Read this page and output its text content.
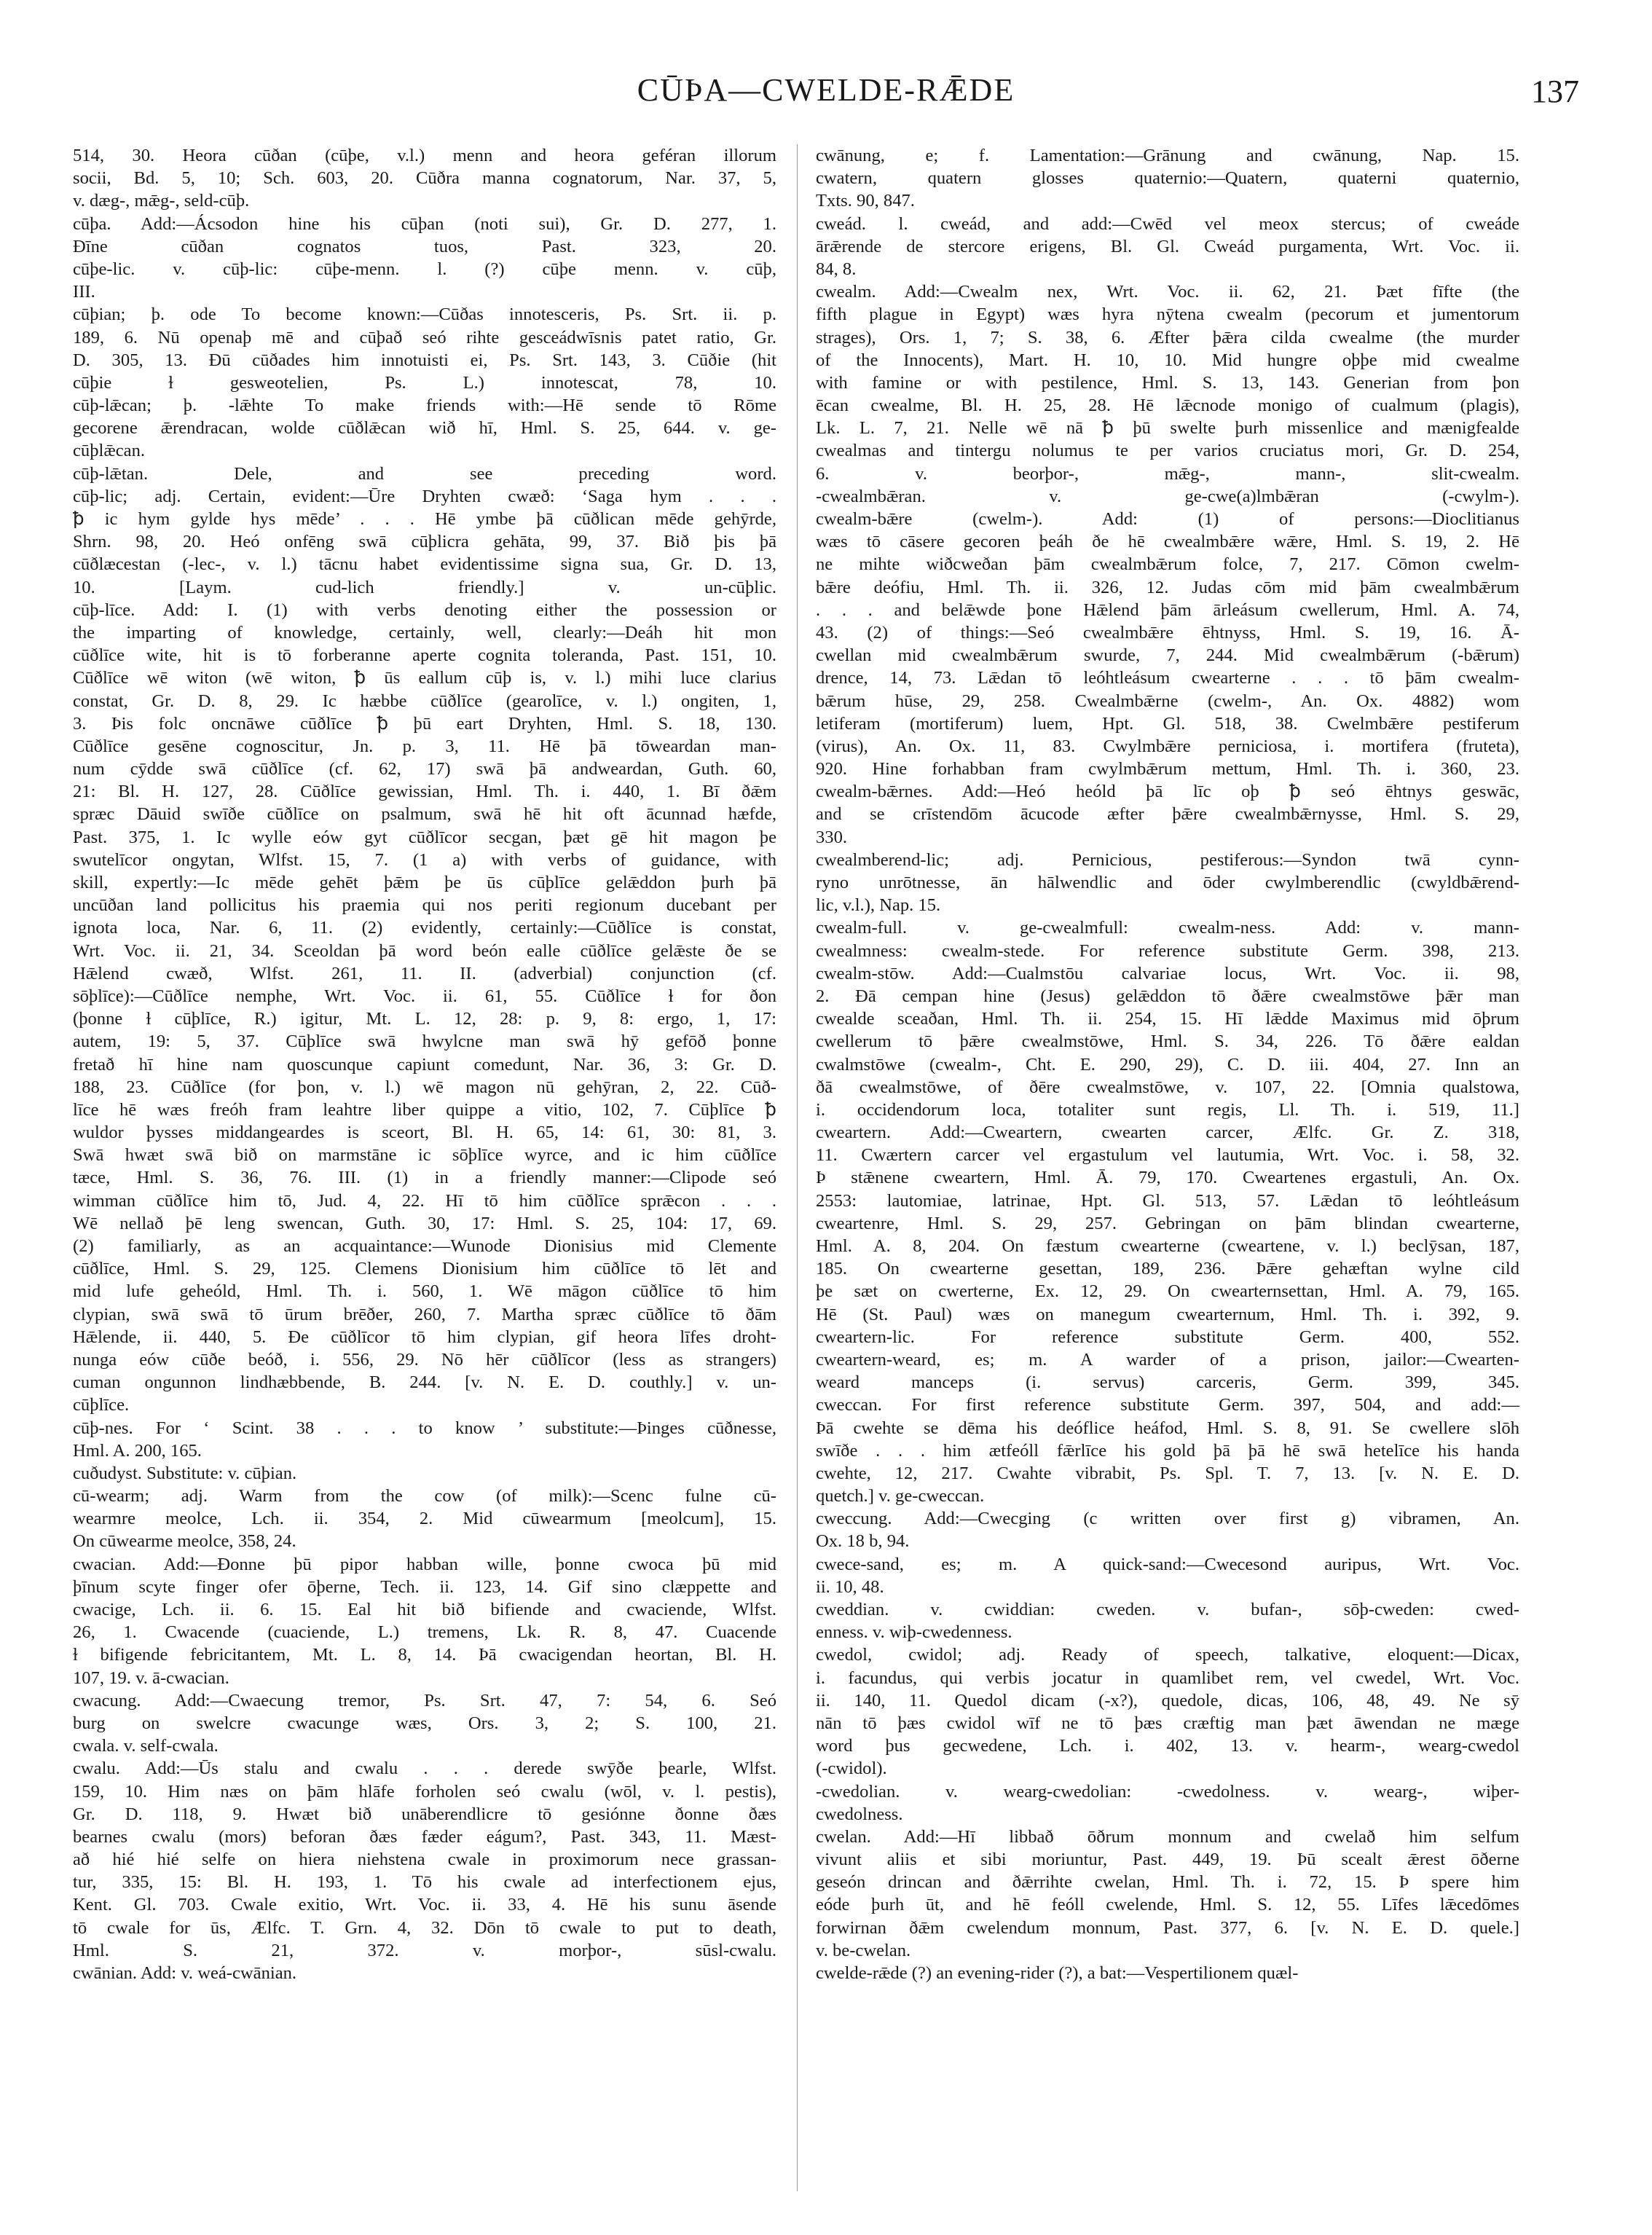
CŪÞA—CWELDE-RǢDE	137
514, 30. Heora cūðan (cūþe, v.l.) menn and heora geféran illorum
socii, Bd. 5, 10; Sch. 603, 20. Cūðra manna cognatorum, Nar. 37, 5,
v. dæg-, mǣg-, seld-cūþ.
cūþa. Add:—Ácsodon hine his cūþan (noti sui), Gr. D. 277, 1.
Ðīne cūðan cognatos tuos, Past. 323, 20.
cūþe-lic. v. cūþ-lic: cūþe-menn. l. (?) cūþe menn. v. cūþ,
III.
cūþian; þ. ode To become known:—Cūðas innotesceris, Ps. Srt. ii. p.
189, 6. Nū openaþ mē and cūþað seó rihte gesceádwīsnis patet ratio, Gr.
D. 305, 13. Ðū cūðades him innotuisti ei, Ps. Srt. 143, 3. Cūðie (hit
cūþie ɫ gesweotelien, Ps. L.) innotescat, 78, 10.
cūþ-lǣcan; þ. -lǣhte To make friends with:—Hē sende tō Rōme
gecorene ǣrendracan, wolde cūðlǣcan wið hī, Hml. S. 25, 644. v. ge-
cūþlǣcan.
cūþ-lǣtan. Dele, and see preceding word.
cūþ-lic; adj. Certain, evident:—Ūre Dryhten cwæð: ‘Saga hym . . .
ꝥ ic hym gylde hys mēde’ . . . Hē ymbe þā cūðlican mēde gehȳrde,
Shrn. 98, 20. Heó onfēng swā cūþlicra gehāta, 99, 37. Bið þis þā
cūðlæcestan (-lec-, v. l.) tācnu habet evidentissime signa sua, Gr. D. 13,
10. [Laym. cud-lich friendly.] v. un-cūþlic.
cūþ-līce. Add: I. (1) with verbs denoting either the possession or
the imparting of knowledge, certainly, well, clearly:—Deáh hit mon
cūðlīce wite, hit is tō forberanne aperte cognita toleranda, Past. 151, 10.
Cūðlīce wē witon (wē witon, ꝥ ūs eallum cūþ is, v. l.) mihi luce clarius
constat, Gr. D. 8, 29. Ic hæbbe cūðlīce (gearolīce, v. l.) ongiten, 1,
3. Þis folc oncnāwe cūðlīce ꝥ þū eart Dryhten, Hml. S. 18, 130.
Cūðlīce gesēne cognoscitur, Jn. p. 3, 11. Hē þā tōweardan man-
num cȳdde swā cūðlīce (cf. 62, 17) swā þā andweardan, Guth. 60,
21: Bl. H. 127, 28. Cūðlīce gewissian, Hml. Th. i. 440, 1. Bī ðǣm
spræc Dāuid swīðe cūðlīce on psalmum, swā hē hit oft ācunnad hæfde,
Past. 375, 1. Ic wylle eów gyt cūðlīcor secgan, þæt gē hit magon þe
swutelīcor ongytan, Wlfst. 15, 7. (1 a) with verbs of guidance, with
skill, expertly:—Ic mēde gehēt þǣm þe ūs cūþlīce gelǣddon þurh þā
uncūðan land pollicitus his praemia qui nos periti regionum ducebant per
ignota loca, Nar. 6, 11. (2) evidently, certainly:—Cūðlīce is constat,
Wrt. Voc. ii. 21, 34. Sceoldan þā word beón ealle cūðlīce gelǣste ðe se
Hǣlend cwæð, Wlfst. 261, 11. II. (adverbial) conjunction (cf.
sōþlīce):—Cūðlīce nemphe, Wrt. Voc. ii. 61, 55. Cūðlīce ɫ for ðon
(þonne ɫ cūþlīce, R.) igitur, Mt. L. 12, 28: p. 9, 8: ergo, 1, 17:
autem, 19: 5, 37. Cūþlīce swā hwylcne man swā hȳ gefōð þonne
fretað hī hine nam quoscunque capiunt comedunt, Nar. 36, 3: Gr. D.
188, 23. Cūðlīce (for þon, v. l.) wē magon nū gehȳran, 2, 22. Cūð-
līce hē wæs freóh fram leahtre liber quippe a vitio, 102, 7. Cūþlīce ꝥ
wuldor þysses middangeardes is sceort, Bl. H. 65, 14: 61, 30: 81, 3.
Swā hwæt swā bið on marmstāne ic sōþlīce wyrce, and ic him cūðlīce
tæce, Hml. S. 36, 76. III. (1) in a friendly manner:—Clipode seó
wimman cūðlīce him tō, Jud. 4, 22. Hī tō him cūðlīce sprǣcon . . .
Wē nellað þē leng swencan, Guth. 30, 17: Hml. S. 25, 104: 17, 69.
(2) familiarly, as an acquaintance:—Wunode Dionisius mid Clemente
cūðlīce, Hml. S. 29, 125. Clemens Dionisium him cūðlīce tō lēt and
mid lufe geheóld, Hml. Th. i. 560, 1. Wē māgon cūðlīce tō him
clypian, swā swā tō ūrum brēðer, 260, 7. Martha spræc cūðlīce tō ðām
Hǣlende, ii. 440, 5. Ðe cūðlīcor tō him clypian, gif heora līfes droht-
nunga eów cūðe beóð, i. 556, 29. Nō hēr cūðlīcor (less as strangers)
cuman ongunnon lindhæbbende, B. 244. [v. N. E. D. couthly.] v. un-
cūþlīce.
cūþ-nes. For ‘ Scint. 38 . . . to know ’ substitute:—Þinges cūðnesse,
Hml. A. 200, 165.
cuðudyst. Substitute: v. cūþian.
cū-wearm; adj. Warm from the cow (of milk):—Scenc fulne cū-
wearmre meolce, Lch. ii. 354, 2. Mid cūwearmum [meolcum], 15.
On cūwearme meolce, 358, 24.
cwacian. Add:—Ðonne þū pipor habban wille, þonne cwoca þū mid
þīnum scyte finger ofer ōþerne, Tech. ii. 123, 14. Gif sino clæppette and
cwacige, Lch. ii. 6. 15. Eal hit bið bifiende and cwaciende, Wlfst.
26, 1. Cwacende (cuaciende, L.) tremens, Lk. R. 8, 47. Cuacende
ɫ bifigende febricitantem, Mt. L. 8, 14. Þā cwacigendan heortan, Bl. H.
107, 19. v. ā-cwacian.
cwacung. Add:—Cwaecung tremor, Ps. Srt. 47, 7: 54, 6. Seó
burg on swelcre cwacunge wæs, Ors. 3, 2; S. 100, 21.
cwala. v. self-cwala.
cwalu. Add:—Ūs stalu and cwalu . . . derede swȳðe þearle, Wlfst.
159, 10. Him næs on þām hlāfe forholen seó cwalu (wōl, v. l. pestis),
Gr. D. 118, 9. Hwæt bið unāberendlicre tō gesiónne ðonne ðæs
bearnes cwalu (mors) beforan ðæs fæder eágum?, Past. 343, 11. Mæst-
að hié hié selfe on hiera niehstena cwale in proximorum nece grassan-
tur, 335, 15: Bl. H. 193, 1. Tō his cwale ad interfectionem ejus,
Kent. Gl. 703. Cwale exitio, Wrt. Voc. ii. 33, 4. Hē his sunu āsende
tō cwale for ūs, Ælfc. T. Grn. 4, 32. Dōn tō cwale to put to death,
Hml. S. 21, 372. v. morþor-, sūsl-cwalu.
cwānian. Add: v. weá-cwānian.
cwānung, e; f. Lamentation:—Grānung and cwānung, Nap. 15.
cwatern, quatern glosses quaternio:—Quatern, quaterni quaternio,
Txts. 90, 847.
cweád. l. cweád, and add:—Cwēd vel meox stercus; of cweáde
ārǣrende de stercore erigens, Bl. Gl. Cweád purgamenta, Wrt. Voc. ii.
84, 8.
cwealm. Add:—Cwealm nex, Wrt. Voc. ii. 62, 21. Þæt fīfte (the
fifth plague in Egypt) wæs hyra nȳtena cwealm (pecorum et jumentorum
strages), Ors. 1, 7; S. 38, 6. Æfter þǣra cilda cwealme (the murder
of the Innocents), Mart. H. 10, 10. Mid hungre oþþe mid cwealme
with famine or with pestilence, Hml. S. 13, 143. Generian from þon
ēcan cwealme, Bl. H. 25, 28. Hē lǣcnode monigo of cualmum (plagis),
Lk. L. 7, 21. Nelle wē nā ꝥ þū swelte þurh missenlice and mænigfealde
cwealmas and tintergu nolumus te per varios cruciatus mori, Gr. D. 254,
6. v. beorþor-, mǣg-, mann-, slit-cwealm.
-cwealmbǣran. v. ge-cwe(a)lmbǣran (-cwylm-).
cwealm-bǣre (cwelm-). Add: (1) of persons:—Dioclitianus
wæs tō cāsere gecoren þeáh ðe hē cwealmbǣre wǣre, Hml. S. 19, 2. Hē
ne mihte wiðcweðan þām cwealmbǣrum folce, 7, 217. Cōmon cwelm-
bǣre deófiu, Hml. Th. ii. 326, 12. Judas cōm mid þām cwealmbǣrum
. . . and belǣwde þone Hǣlend þām ārleásum cwellerum, Hml. A. 74,
43. (2) of things:—Seó cwealmbǣre ēhtnyss, Hml. S. 19, 16. Ā-
cwellan mid cwealmbǣrum swurde, 7, 244. Mid cwealmbǣrum (-bǣrum)
drence, 14, 73. Lǣdan tō leóhtleásum cwearterne . . . tō þām cwealm-
bǣrum hūse, 29, 258. Cwealmbǣrne (cwelm-, An. Ox. 4882) wom
letiferam (mortiferum) luem, Hpt. Gl. 518, 38. Cwelmbǣre pestiferum
(virus), An. Ox. 11, 83. Cwylmbǣre perniciosa, i. mortifera (fruteta),
920. Hine forhabban fram cwylmbǣrum mettum, Hml. Th. i. 360, 23.
cwealm-bǣrnes. Add:—Heó heóld þā līc oþ ꝥ seó ēhtnys geswāc,
and se crīstendōm ācucode æfter þǣre cwealmbǣrnysse, Hml. S. 29,
330.
cwealmberend-lic; adj. Pernicious, pestiferous:—Syndon twā cynn-
ryno unrōtnesse, ān hālwendlic and ōder cwylmberendlic (cwyldbǣrend-
lic, v.l.), Nap. 15.
cwealm-full. v. ge-cwealmfull: cwealm-ness. Add: v. mann-
cwealmness: cwealm-stede. For reference substitute Germ. 398, 213.
cwealm-stōw. Add:—Cualmstōu calvariae locus, Wrt. Voc. ii. 98,
2. Ðā cempan hine (Jesus) gelǣddon tō ðǣre cwealmstōwe þǣr man
cwealde sceaðan, Hml. Th. ii. 254, 15. Hī lǣdde Maximus mid ōþrum
cwellerum tō þǣre cwealmstōwe, Hml. S. 34, 226. Tō ðǣre ealdan
cwalmstōwe (cwealm-, Cht. E. 290, 29), C. D. iii. 404, 27. Inn an
ðā cwealmstōwe, of ðēre cwealmstōwe, v. 107, 22. [Omnia qualstowa,
i. occidendorum loca, totaliter sunt regis, Ll. Th. i. 519, 11.]
cweartern. Add:—Cweartern, cwearten carcer, Ælfc. Gr. Z. 318,
11. Cwærtern carcer vel ergastulum vel lautumia, Wrt. Voc. i. 58, 32.
Þ stǣnene cweartern, Hml. Ā. 79, 170. Cweartenes ergastuli, An. Ox.
2553: lautomiae, latrinae, Hpt. Gl. 513, 57. Lǣdan tō leóhtleásum
cweartenre, Hml. S. 29, 257. Gebringan on þām blindan cwearterne,
Hml. A. 8, 204. On fæstum cwearterne (cweartene, v. l.) beclȳsan, 187,
185. On cwearterne gesettan, 189, 236. Þǣre gehæftan wylne cild
þe sæt on cwerterne, Ex. 12, 29. On cwearternsettan, Hml. A. 79, 165.
Hē (St. Paul) wæs on manegum cwearternum, Hml. Th. i. 392, 9.
cweartern-lic. For reference substitute Germ. 400, 552.
cweartern-weard, es; m. A warder of a prison, jailor:—Cwearten-
weard manceps (i. servus) carceris, Germ. 399, 345.
cweccan. For first reference substitute Germ. 397, 504, and add:—
Þā cwehte se dēma his deóflice heáfod, Hml. S. 8, 91. Se cwellere slōh
swīðe . . . him ætfeóll fǣrlīce his gold þā þā hē swā hetelīce his handa
cwehte, 12, 217. Cwahte vibrabit, Ps. Spl. T. 7, 13. [v. N. E. D.
quetch.] v. ge-cweccan.
cweccung. Add:—Cwecging (c written over first g) vibramen, An.
Ox. 18 b, 94.
cwece-sand, es; m. A quick-sand:—Cwecesond auripus, Wrt. Voc.
ii. 10, 48.
cweddian. v. cwiddian: cweden. v. bufan-, sōþ-cweden: cwed-
enness. v. wiþ-cwedenness.
cwedol, cwidol; adj. Ready of speech, talkative, eloquent:—Dicax,
i. facundus, qui verbis jocatur in quamlibet rem, vel cwedel, Wrt. Voc.
ii. 140, 11. Quedol dicam (-x?), quedole, dicas, 106, 48, 49. Ne sȳ
nān tō þæs cwidol wīf ne tō þæs cræftig man þæt āwendan ne mæge
word þus gecwedene, Lch. i. 402, 13. v. hearm-, wearg-cwedol
(-cwidol).
-cwedolian. v. wearg-cwedolian: -cwedolness. v. wearg-, wiþer-
cwedolness.
cwelan. Add:—Hī libbað ōðrum monnum and cwelað him selfum
vivunt aliis et sibi moriuntur, Past. 449, 19. Þū scealt ǣrest ōðerne
geseón drincan and ðǣrrihte cwelan, Hml. Th. i. 72, 15. Þ spere him
eóde þurh ūt, and hē feóll cwelende, Hml. S. 12, 55. Līfes lǣcedōmes
forwirnan ðǣm cwelendum monnum, Past. 377, 6. [v. N. E. D. quele.]
v. be-cwelan.
cwelde-rǣde (?) an evening-rider (?), a bat:—Vespertilionem quæl-
